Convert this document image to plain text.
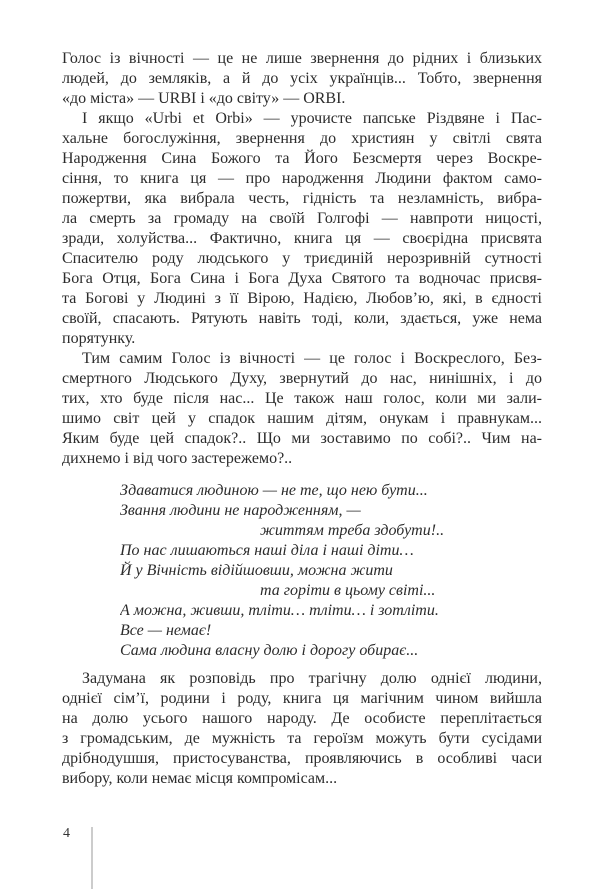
Голос із вічності — це не лише звернення до рідних і близьких
людей, до земляків, а й до усіх українців... Тобто, звернення
«до міста» — URBI і «до світу» — ORBI.
І якщо «Urbi et Orbi» — урочисте папське Різдвяне і Пас-
хальне богослужіння, звернення до християн у світлі свята
Народження Сина Божого та Його Безсмертя через Воскре-
сіння, то книга ця — про народження Людини фактом само-
пожертви, яка вибрала честь, гідність та незламність, вибра-
ла смерть за громаду на своїй Голгофі — навпроти ницості,
зради, холуйства... Фактично, книга ця — своєрідна присвята
Спасителю роду людського у триєдиній нерозривній сутності
Бога Отця, Бога Сина і Бога Духа Святого та водночас присвя-
та Богові у Людині з її Вірою, Надією, Любов’ю, які, в єдності
своїй, спасають. Рятують навіть тоді, коли, здається, уже нема
порятунку.
Тим самим Голос із вічності — це голос і Воскреслого, Без-
смертного Людського Духу, звернутий до нас, нинішніх, і до
тих, хто буде після нас... Це також наш голос, коли ми зали-
шимо світ цей у спадок нашим дітям, онукам і правнукам...
Яким буде цей спадок?.. Що ми зоставимо по собі?.. Чим на-
дихнемо і від чого застережемо?..
Здаватися людиною — не те, що нею бути...
Звання людини не народженням, —
життям треба здобути!..
По нас лишаються наші діла і наші діти…
Й у Вічність відійшовши, можна жити
та горіти в цьому світі...
А можна, живши, тліти… тліти… і зотліти.
Все — немає!
Сама людина власну долю і дорогу обирає...
Задумана як розповідь про трагічну долю однієї людини,
однієї сім’ї, родини і роду, книга ця магічним чином вийшла
на долю усього нашого народу. Де особисте переплітається
з громадським, де мужність та героїзм можуть бути сусідами
дрібнодушшя, пристосуванства, проявляючись в особливі часи
вибору, коли немає місця компромісам...
4
